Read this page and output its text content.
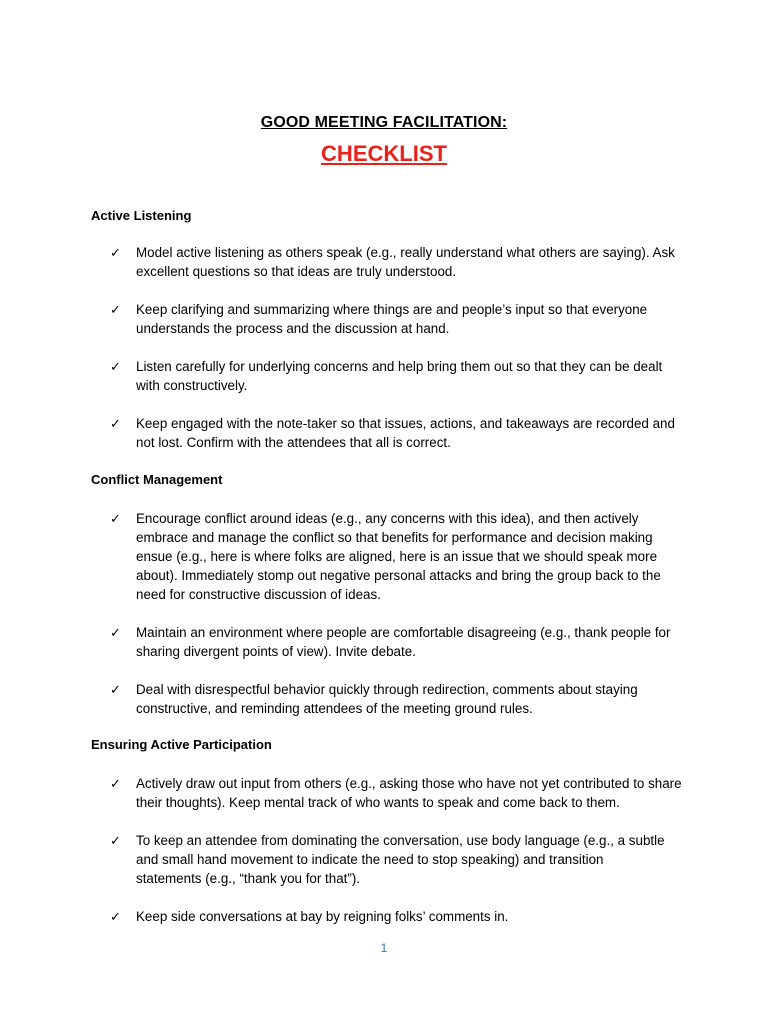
GOOD MEETING FACILITATION:
CHECKLIST
Active Listening
✓ Model active listening as others speak (e.g., really understand what others are saying). Ask excellent questions so that ideas are truly understood.
✓ Keep clarifying and summarizing where things are and people’s input so that everyone understands the process and the discussion at hand.
✓ Listen carefully for underlying concerns and help bring them out so that they can be dealt with constructively.
✓ Keep engaged with the note-taker so that issues, actions, and takeaways are recorded and not lost. Confirm with the attendees that all is correct.
Conflict Management
✓ Encourage conflict around ideas (e.g., any concerns with this idea), and then actively embrace and manage the conflict so that benefits for performance and decision making ensue (e.g., here is where folks are aligned, here is an issue that we should speak more about). Immediately stomp out negative personal attacks and bring the group back to the need for constructive discussion of ideas.
✓ Maintain an environment where people are comfortable disagreeing (e.g., thank people for sharing divergent points of view). Invite debate.
✓ Deal with disrespectful behavior quickly through redirection, comments about staying constructive, and reminding attendees of the meeting ground rules.
Ensuring Active Participation
✓ Actively draw out input from others (e.g., asking those who have not yet contributed to share their thoughts). Keep mental track of who wants to speak and come back to them.
✓ To keep an attendee from dominating the conversation, use body language (e.g., a subtle and small hand movement to indicate the need to stop speaking) and transition statements (e.g., “thank you for that”).
✓ Keep side conversations at bay by reigning folks’ comments in.
1
